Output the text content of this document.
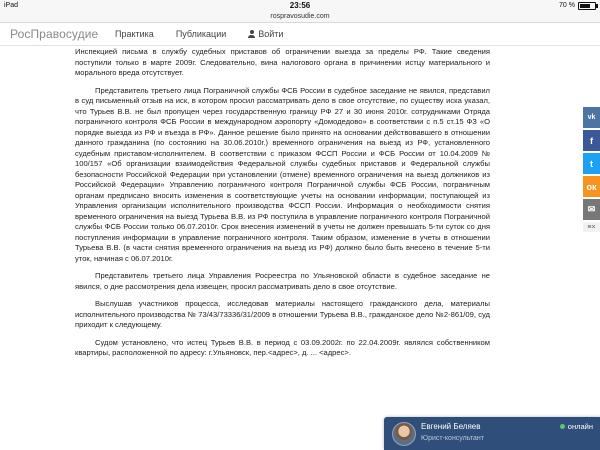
iPad	23:56	70 %
rospravosudie.com
РосПравосудие Практика Публикации	Войти

Инспекцией письма в службу судебных приставов об ограничении выезда за пределы РФ. Такие сведения поступили только в марте 2009г. Следовательно, вина налогового органа в причинении истцу материального и морального вреда отсутствует.

Представитель третьего лица Пограничной службы ФСБ России в судебное заседание не явился, представил в суд письменный отзыв на иск, в котором просил рассматривать дело в свое отсутствие, по существу иска указал, что Турьев В.В. не был пропущен через государственную границу РФ 27 и 30 июня 2010г. сотрудниками Отряда пограничного контроля ФСБ России в международном аэропорту «Домодедово» в соответствии с п.5 ст.15 ФЗ «О порядке выезда из РФ и въезда в РФ». Данное решение было принято на основании действовавшего в отношении данного гражданина (по состоянию на 30.06.2010г.) временного ограничения на выезд из РФ, установленного судебным приставом-исполнителем. В соответствии с приказом ФССП России и ФСБ России от 10.04.2009 № 100/157 «Об организации взаимодействия Федеральной службы судебных приставов и Федеральной службы безопасности Российской Федерации при установлении (отмене) временного ограничения на выезд должников из Российской Федерации» Управлению пограничного контроля Пограничной службы ФСБ России, пограничным органам предписано вносить изменения в соответствующие учеты на основании информации, поступающей из Управления организации исполнительного производства ФССП России. Информация о необходимости снятия временного ограничения на выезд Турьева В.В. из РФ поступила в управление пограничного контроля Пограничной службы ФСБ России только 06.07.2010г. Срок внесения изменений в учеты не должен превышать 5-ти суток со дня поступления информации в управление пограничного контроля. Таким образом, изменение в учеты в отношении Турьева В.В. (в части снятия временного ограничения на выезд из РФ) должно было быть внесено в течение 5-ти уток, начиная с 06.07.2010г.

Представитель третьего лица Управления Росреестра по Ульяновской области в судебное заседание не явился, о дне рассмотрения дела извещен, просил рассматривать дело в свое отсутствие.

Выслушав участников процесса, исследовав материалы настоящего гражданского дела, материалы исполнительного производства № 73/43/73336/31/2009 в отношении Турьева В.В., гражданское дело №2-861/09, суд приходит к следующему.

Судом установлено, что истец Турьев В.В. в период с 03.09.2002г. по 22.04.2009г. являлся собственником квартиры, расположенной по адресу: г.Ульяновск, пер.<адрес>, д. ... <адрес>.

vk
f
t
ок
✉
≡×
Евгений Беляев
Юрист-консультант
онлайн
